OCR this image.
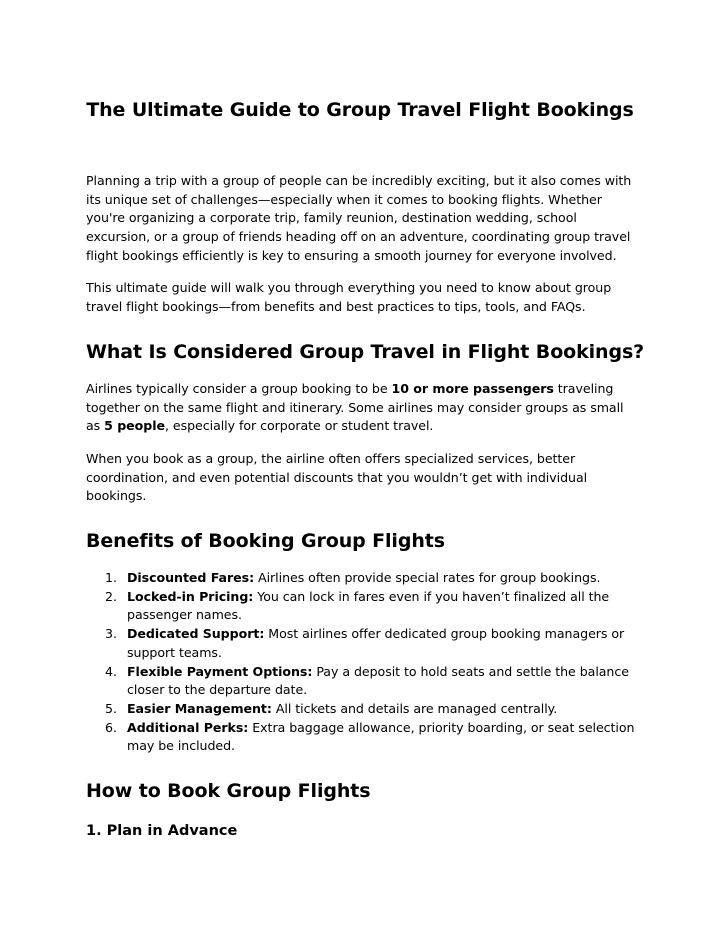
The Ultimate Guide to Group Travel Flight Bookings

Planning a trip with a group of people can be incredibly exciting, but it also comes with its unique set of challenges—especially when it comes to booking flights. Whether you're organizing a corporate trip, family reunion, destination wedding, school excursion, or a group of friends heading off on an adventure, coordinating group travel flight bookings efficiently is key to ensuring a smooth journey for everyone involved.

This ultimate guide will walk you through everything you need to know about group travel flight bookings—from benefits and best practices to tips, tools, and FAQs.

What Is Considered Group Travel in Flight Bookings?

Airlines typically consider a group booking to be 10 or more passengers traveling together on the same flight and itinerary. Some airlines may consider groups as small as 5 people, especially for corporate or student travel.

When you book as a group, the airline often offers specialized services, better coordination, and even potential discounts that you wouldn’t get with individual bookings.

Benefits of Booking Group Flights
1. Discounted Fares: Airlines often provide special rates for group bookings.
2. Locked-in Pricing: You can lock in fares even if you haven’t finalized all the passenger names.
3. Dedicated Support: Most airlines offer dedicated group booking managers or support teams.
4. Flexible Payment Options: Pay a deposit to hold seats and settle the balance closer to the departure date.
5. Easier Management: All tickets and details are managed centrally.
6. Additional Perks: Extra baggage allowance, priority boarding, or seat selection may be included.
How to Book Group Flights
1. Plan in Advance
